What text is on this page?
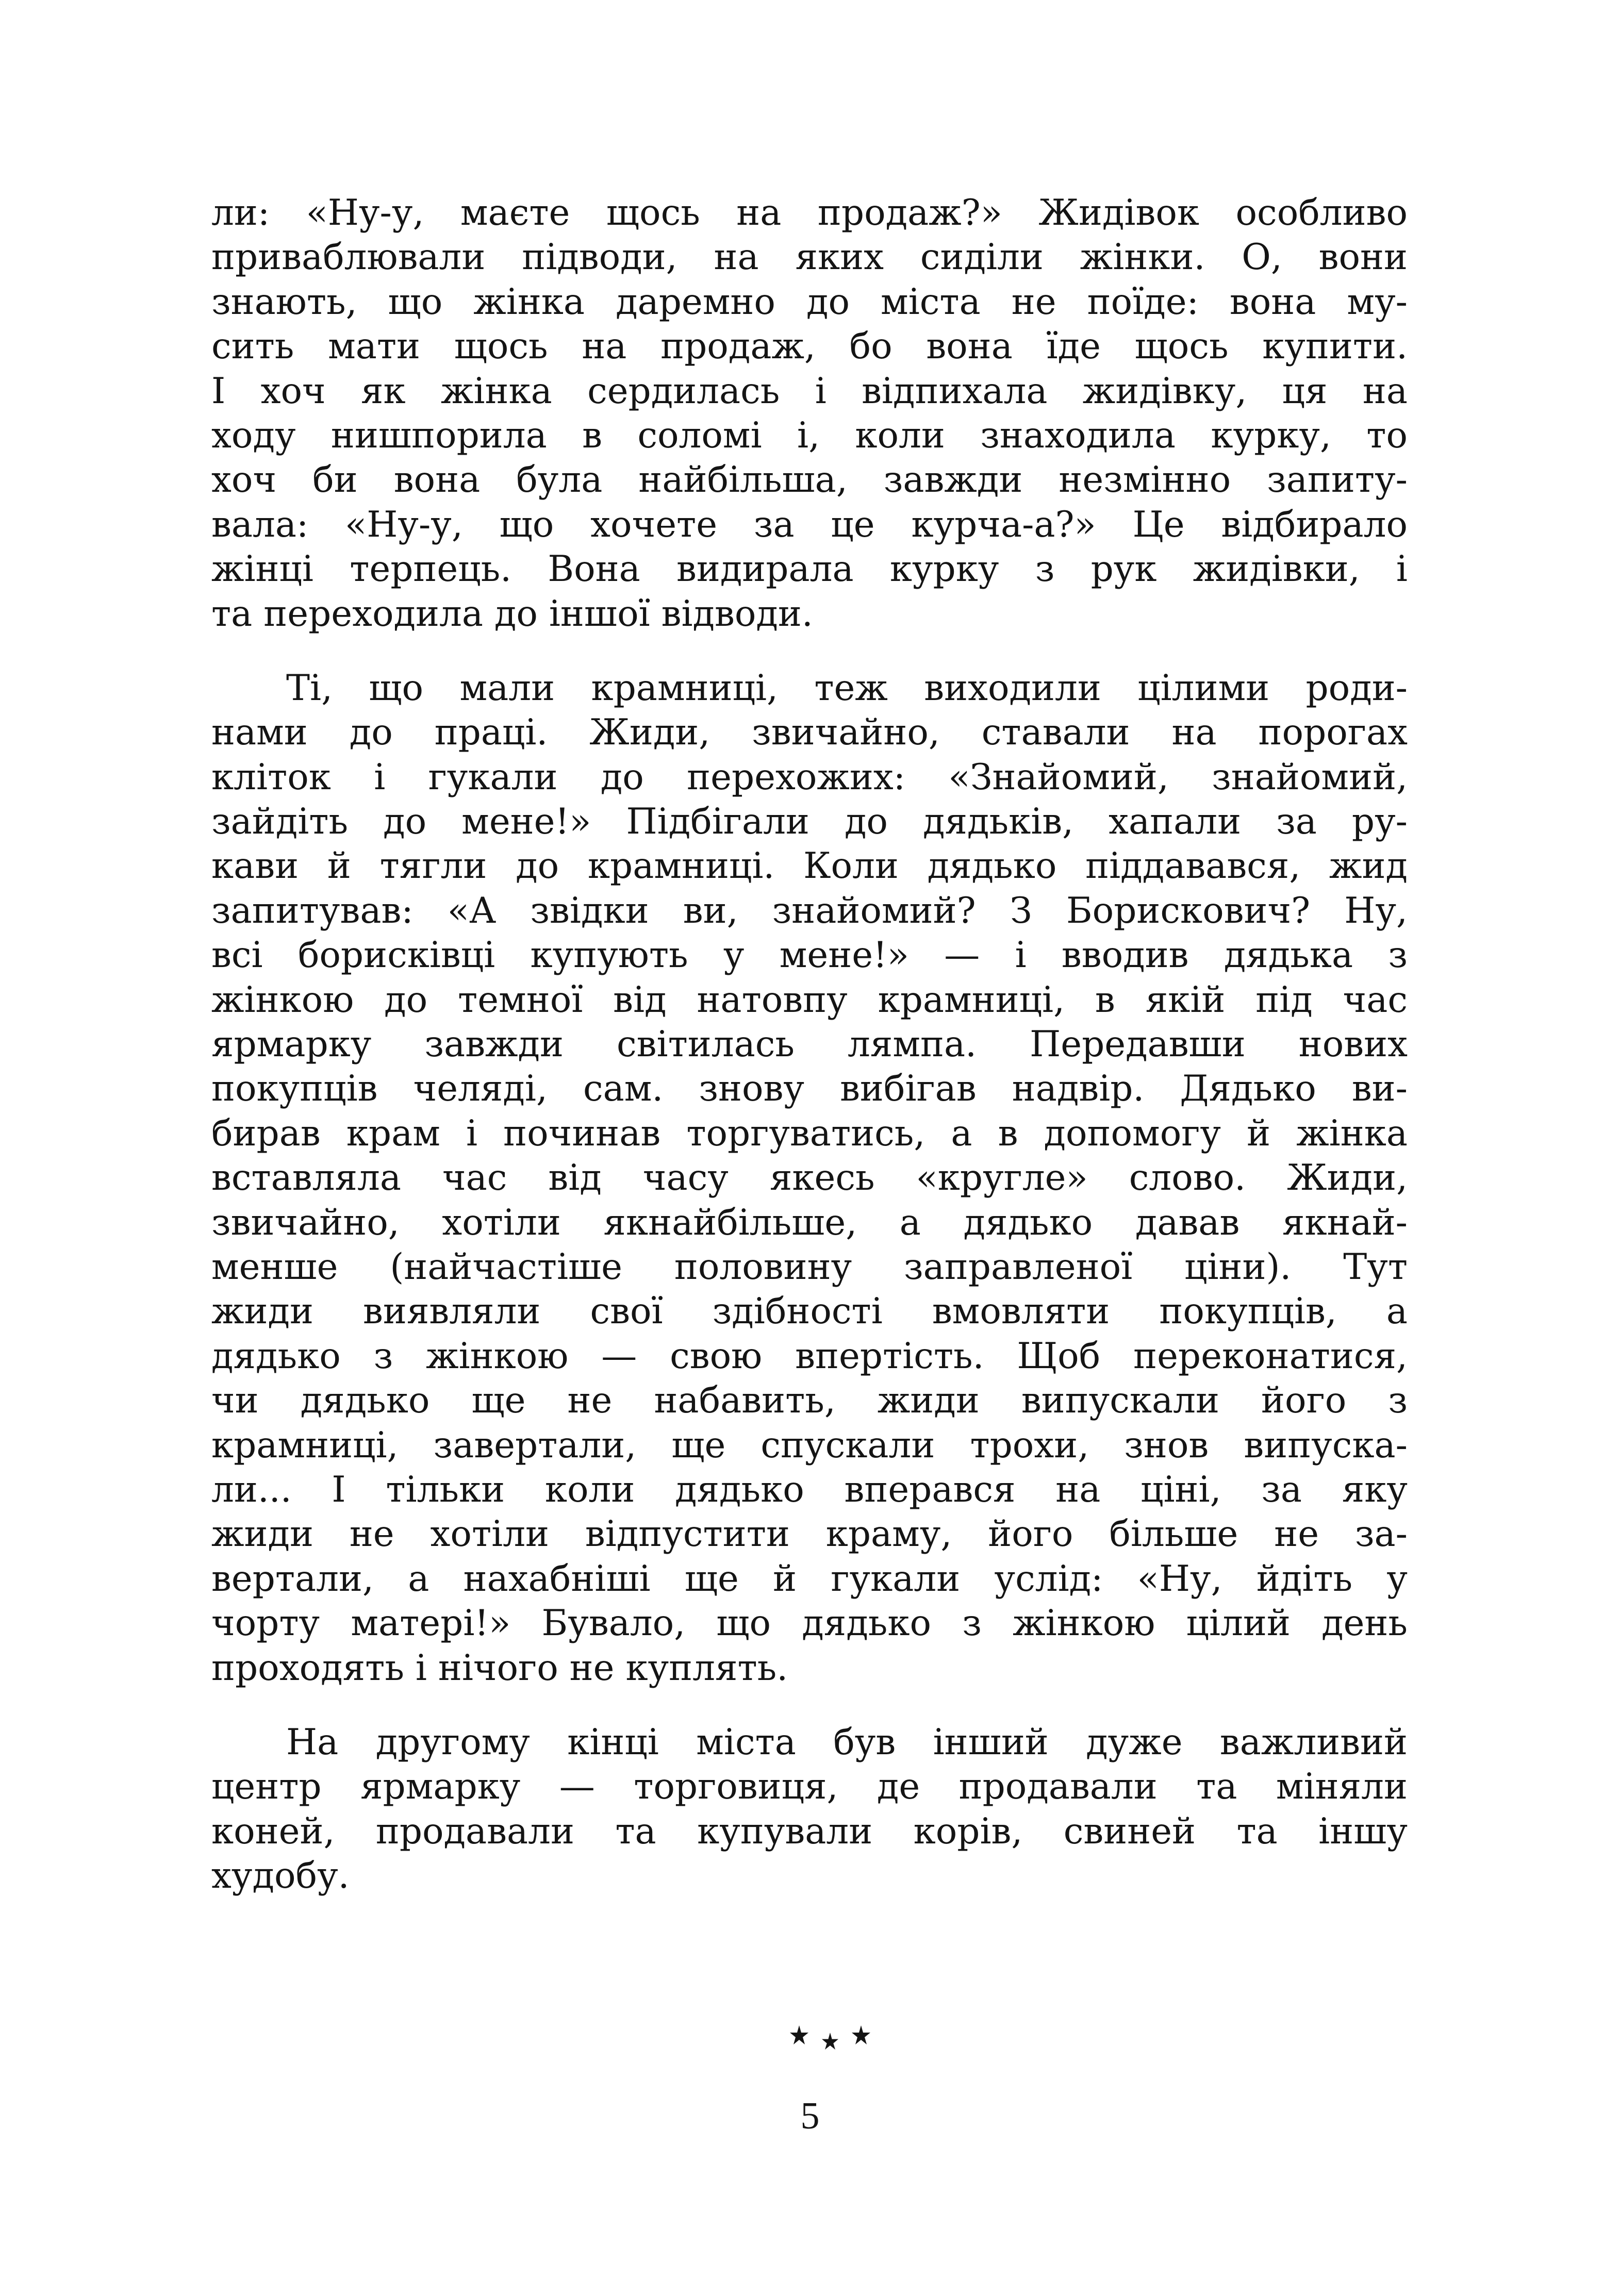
ли: «Ну-у, маєте щось на продаж?» Жидівок особливо
приваблювали підводи, на яких сиділи жінки. О, вони
знають, що жінка даремно до міста не поїде: вона му-
сить мати щось на продаж, бо вона їде щось купити.
І хоч як жінка сердилась і відпихала жидівку, ця на
ходу нишпорила в соломі і, коли знаходила курку, то
хоч би вона була найбільша, завжди незмінно запиту-
вала: «Ну-у, що хочете за це курча-а?» Це відбирало
жінці терпець. Вона видирала курку з рук жидівки, і
та переходила до іншої відводи.
Ті, що мали крамниці, теж виходили цілими роди-
нами до праці. Жиди, звичайно, ставали на порогах
кліток і гукали до перехожих: «Знайомий, знайомий,
зайдіть до мене!» Підбігали до дядьків, хапали за ру-
кави й тягли до крамниці. Коли дядько піддавався, жид
запитував: «А звідки ви, знайомий? З Борискович? Ну,
всі борисківці купують у мене!» — і вводив дядька з
жінкою до темної від натовпу крамниці, в якій під час
ярмарку завжди світилась лямпа. Передавши нових
покупців челяді, сам. знову вибігав надвір. Дядько ви-
бирав крам і починав торгуватись, а в допомогу й жінка
вставляла час від часу якесь «кругле» слово. Жиди,
звичайно, хотіли якнайбільше, а дядько давав якнай-
менше (найчастіше половину заправленої ціни). Тут
жиди виявляли свої здібності вмовляти покупців, а
дядько з жінкою — свою впертість. Щоб переконатися,
чи дядько ще не набавить, жиди випускали його з
крамниці, завертали, ще спускали трохи, знов випуска-
ли... І тільки коли дядько вперався на ціні, за яку
жиди не хотіли відпустити краму, його більше не за-
вертали, а нахабніші ще й гукали услід: «Ну, йдіть у
чорту матері!» Бувало, що дядько з жінкою цілий день
проходять і нічого не куплять.
На другому кінці міста був інший дуже важливий
центр ярмарку — торговиця, де продавали та міняли
коней, продавали та купували корів, свиней та іншу
худобу.
5
